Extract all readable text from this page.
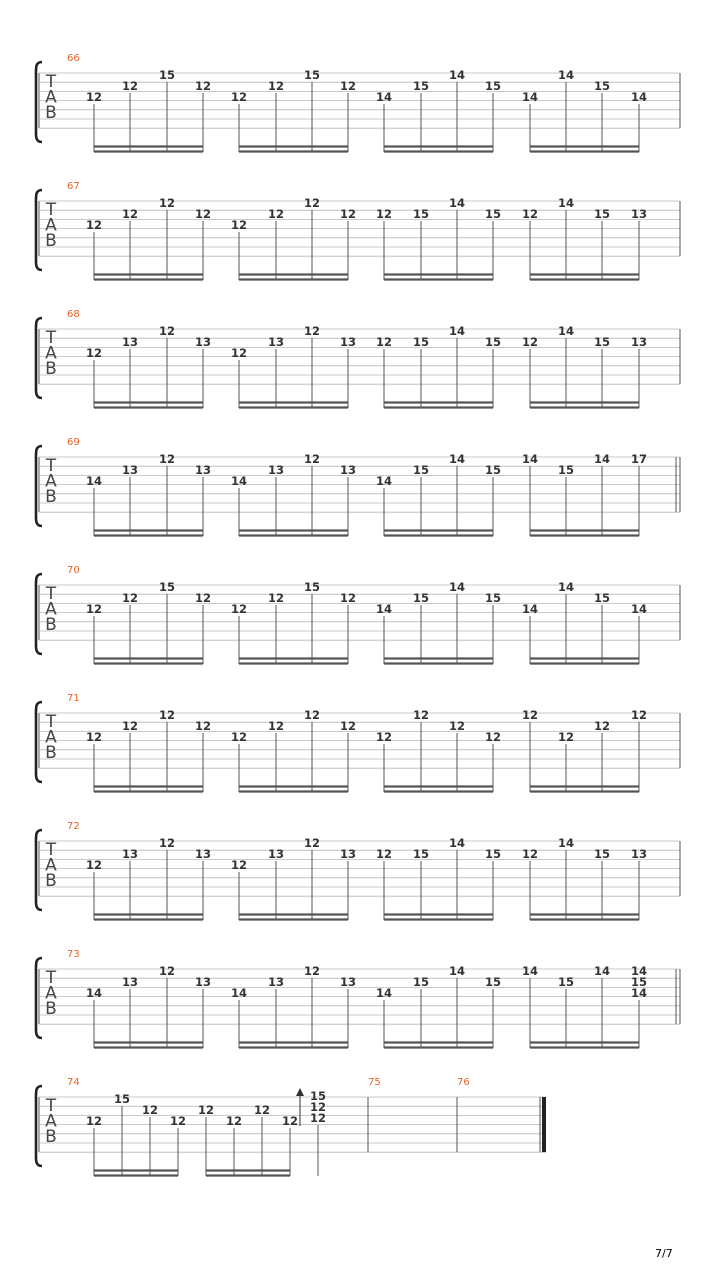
T
A
B
66
12
12
15
12
12
12
15
12
14
15
14
15
14
14
15
14
T
A
B
67
12
12
12
12
12
12
12
12 12 15
14
15 12
14
15 13
T
A
B
68
12
13
12
13
12
13
12
13 12 15
14
15 12
14
15 13
T
A
B
69
14
13
12
13
14
13
12
13
14
15
14
15
14
15
14 17
T
A
B
70
12
12
15
12
12
12
15
12
14
15
14
15
14
14
15
14
T
A
B
71
12
12
12
12
12
12
12
12
12
12
12
12
12
12
12
12
T
A
B
72
12
13
12
13
12
13
12
13 12 15
14
15 12
14
15 13
T
A
B
73
14
13
12
13
14
13
12
13
14
15
14
15
14
15
14 14
15
14
T
A
B
74	75	76
12
15
12
12
12
12
12
12
15
12
12
7/7
